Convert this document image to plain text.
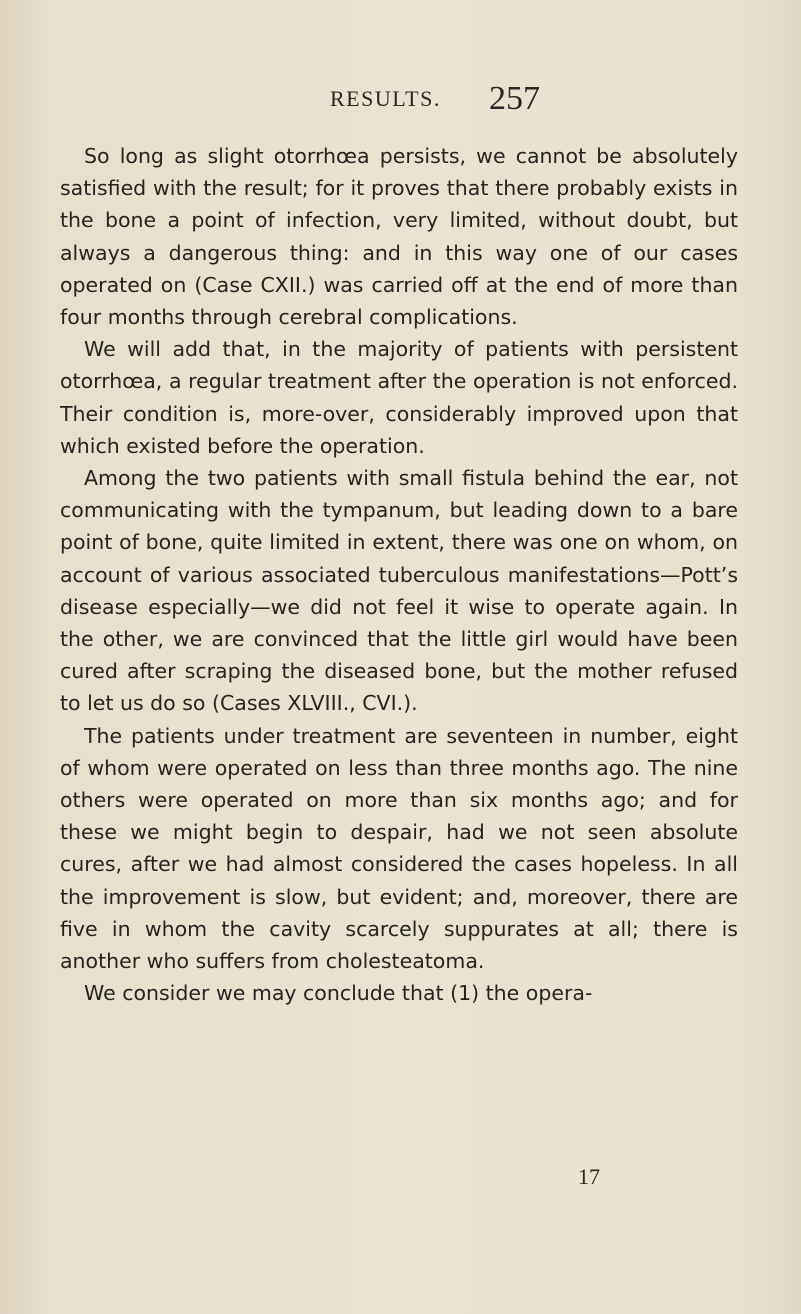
RESULTS. 257

So long as slight otorrhœa persists, we cannot be absolutely satisfied with the result; for it proves that there probably exists in the bone a point of infection, very limited, without doubt, but always a dangerous thing: and in this way one of our cases operated on (Case CXII.) was carried off at the end of more than four months through cerebral complications.

We will add that, in the majority of patients with persistent otorrhœa, a regular treatment after the operation is not enforced. Their condition is, more-over, considerably improved upon that which existed before the operation.

Among the two patients with small fistula behind the ear, not communicating with the tympanum, but leading down to a bare point of bone, quite limited in extent, there was one on whom, on account of various associated tuberculous manifestations—Pott’s disease especially—we did not feel it wise to operate again. In the other, we are convinced that the little girl would have been cured after scraping the diseased bone, but the mother refused to let us do so (Cases XLVIII., CVI.).

The patients under treatment are seventeen in number, eight of whom were operated on less than three months ago. The nine others were operated on more than six months ago; and for these we might begin to despair, had we not seen absolute cures, after we had almost considered the cases hopeless. In all the improvement is slow, but evident; and, moreover, there are five in whom the cavity scarcely suppurates at all; there is another who suffers from cholesteatoma.

We consider we may conclude that (1) the opera-

17
